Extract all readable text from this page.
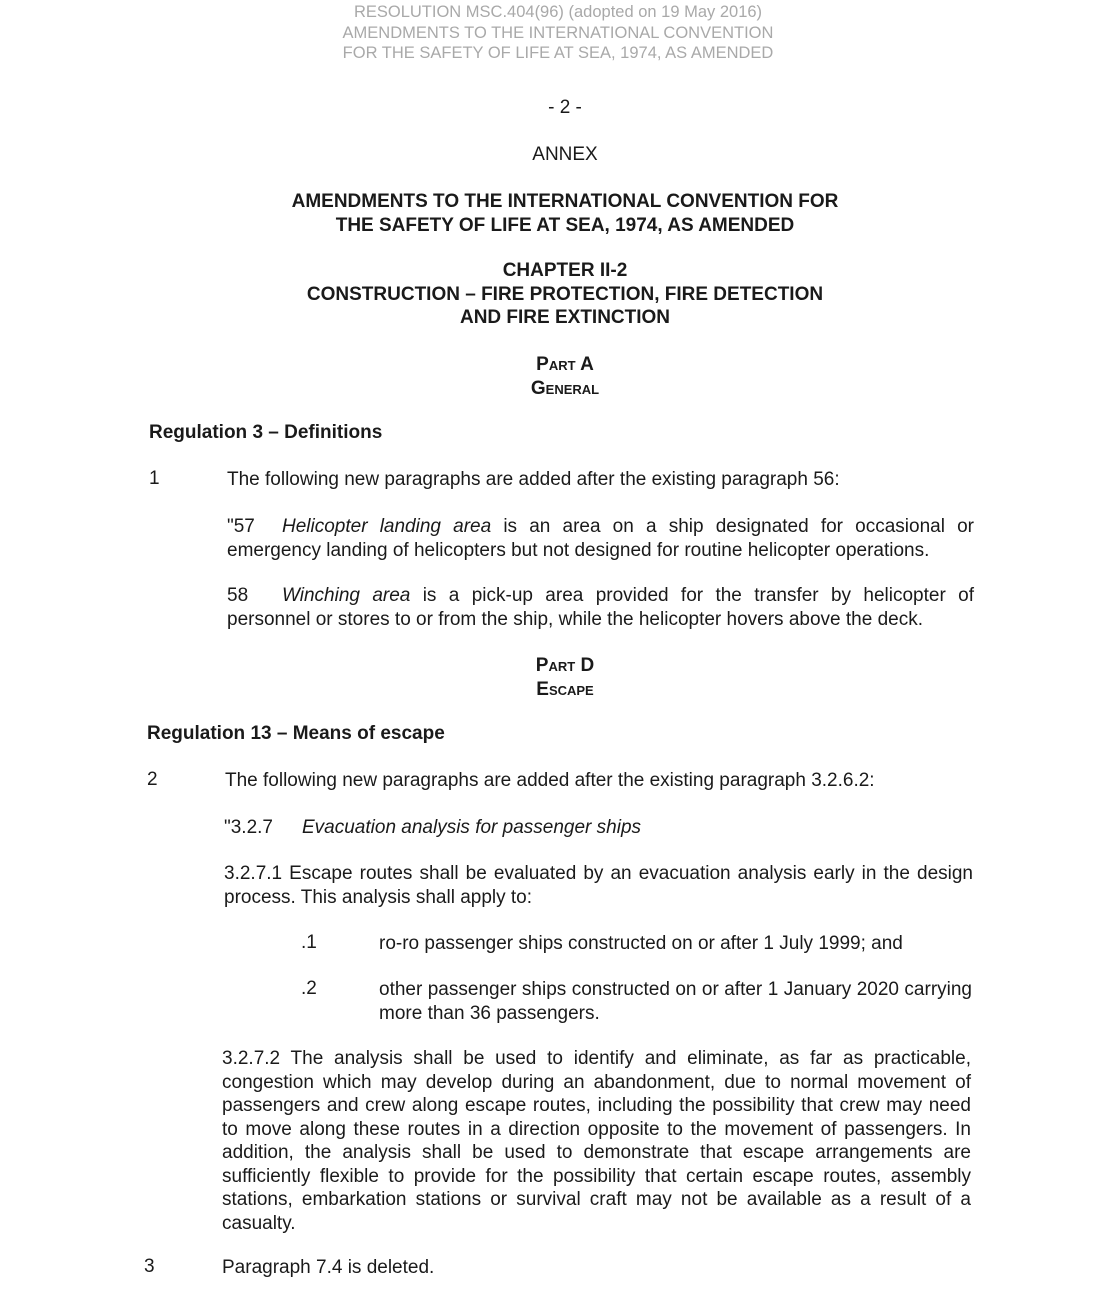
RESOLUTION MSC.404(96) (adopted on 19 May 2016)
AMENDMENTS TO THE INTERNATIONAL CONVENTION
FOR THE SAFETY OF LIFE AT SEA, 1974, AS AMENDED
- 2 -
ANNEX
AMENDMENTS TO THE INTERNATIONAL CONVENTION FOR
THE SAFETY OF LIFE AT SEA, 1974, AS AMENDED
CHAPTER II-2
CONSTRUCTION – FIRE PROTECTION, FIRE DETECTION
AND FIRE EXTINCTION
Part A
General
Regulation 3 – Definitions
1	The following new paragraphs are added after the existing paragraph 56:
"57 Helicopter landing area is an area on a ship designated for occasional or emergency landing of helicopters but not designed for routine helicopter operations.
58 Winching area is a pick-up area provided for the transfer by helicopter of personnel or stores to or from the ship, while the helicopter hovers above the deck.
Part D
Escape
Regulation 13 – Means of escape
2	The following new paragraphs are added after the existing paragraph 3.2.6.2:
"3.2.7 Evacuation analysis for passenger ships
3.2.7.1 Escape routes shall be evaluated by an evacuation analysis early in the design process. This analysis shall apply to:
.1	ro-ro passenger ships constructed on or after 1 July 1999; and
.2	other passenger ships constructed on or after 1 January 2020 carrying more than 36 passengers.
3.2.7.2 The analysis shall be used to identify and eliminate, as far as practicable, congestion which may develop during an abandonment, due to normal movement of passengers and crew along escape routes, including the possibility that crew may need to move along these routes in a direction opposite to the movement of passengers. In addition, the analysis shall be used to demonstrate that escape arrangements are sufficiently flexible to provide for the possibility that certain escape routes, assembly stations, embarkation stations or survival craft may not be available as a result of a casualty.
3	Paragraph 7.4 is deleted.
